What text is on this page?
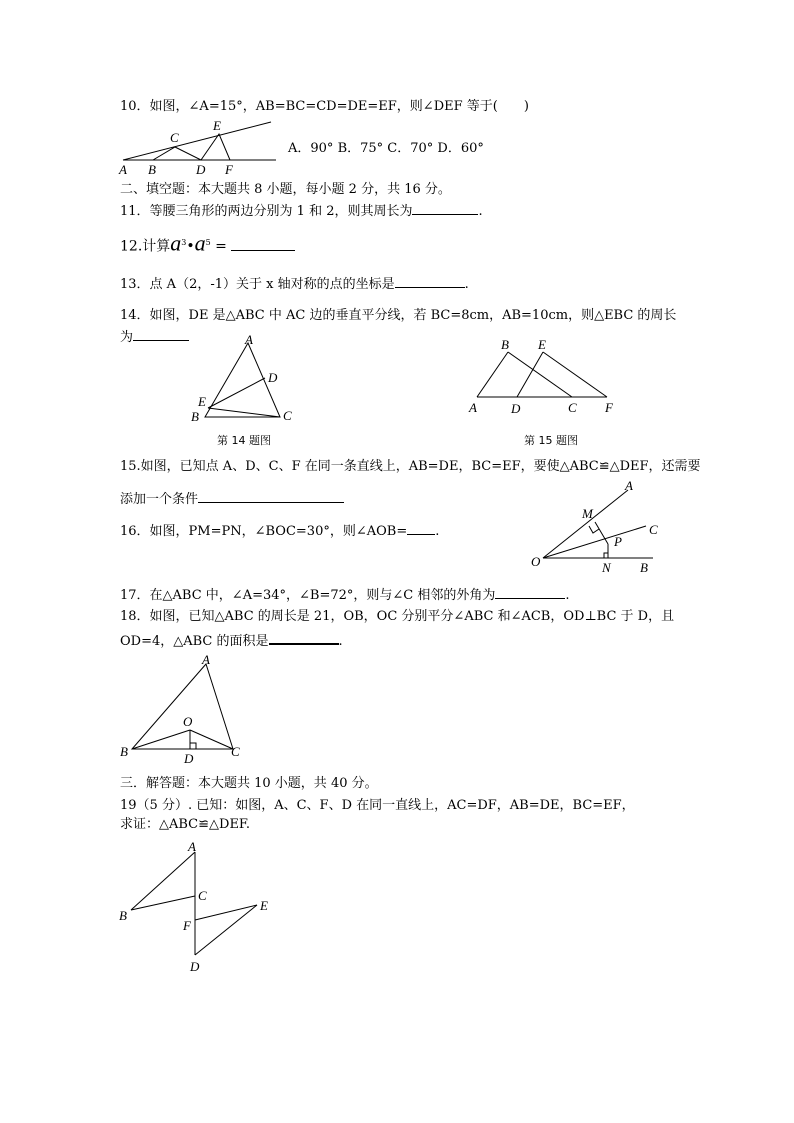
10．如图，∠A=15°，AB=BC=CD=DE=EF，则∠DEF 等于(　　)
A B
C
D
E
F
A．90° B．75° C．70° D．60°
二、填空题：本大题共 8 小题，每小题 2 分，共 16 分。
11．等腰三角形的两边分别为 1 和 2，则其周长为	.
12.计算$a^3•a^5$ =
13．点 A（2，-1）关于 x 轴对称的点的坐标是	.
14．如图，DE 是△ABC 中 AC 边的垂直平分线，若 BC=8cm，AB=10cm，则△EBC 的周长
为	A
D
E
B	C
第 14 题图
B E
A	D	C F
第 15 题图
15.如图，已知点 A、D、C、F 在同一条直线上，AB=DE，BC=EF，要使△ABC≌△DEF，还需要
添加一个条件
16．如图，PM=PN，∠BOC=30°，则∠AOB= .
A
M
C
P
O	N B
17．在△ABC 中，∠A=34°，∠B=72°，则与∠C 相邻的外角为	.
18．如图，已知△ABC 的周长是 21，OB，OC 分别平分∠ABC 和∠ACB，OD⊥BC 于 D，且
OD=4，△ABC 的面积是	.
A
O
B	D	C
三．解答题：本大题共 10 小题，共 40 分。
19（5 分）. 已知：如图，A、C、F、D 在同一直线上，AC=DF，AB=DE，BC=EF，
求证：△ABC≌△DEF.
A
C
B
F
E
D
